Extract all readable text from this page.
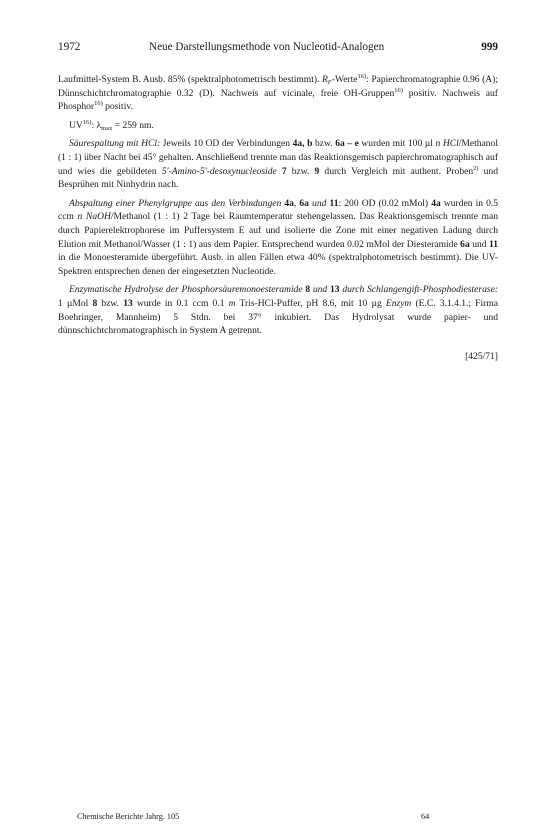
1972	Neue Darstellungsmethode von Nucleotid-Analogen	999

Laufmittel-System B. Ausb. 85% (spektralphotometrisch bestimmt). $R_F-Werte^{16)}$: Papierchromatographie 0.96 (A); Dünnschichtchromatographie 0.32 (D). Nachweis auf vicinale, freie OH-Gruppen$^{16)}$ positiv. Nachweis auf Phosphor$^{16)}$ positiv.

UV$^{16)}$: $\lambda_{max} = 259$ nm.

Säurespaltung mit HCl: Jeweils 10 OD der Verbindungen 4a, b bzw. 6a – e wurden mit 100 µl n HCl/Methanol (1 : 1) über Nacht bei 45° gehalten. Anschließend trennte man das Reaktionsgemisch papierchromatographisch auf und wies die gebildeten 5′-Amino-5′-desoxynucleoside 7 bzw. 9 durch Vergleich mit authent. Proben$^{2)}$ und Besprühen mit Ninhydrin nach.

Abspaltung einer Phenylgruppe aus den Verbindungen 4a, 6a und 11: 200 OD (0.02 mMol) 4a wurden in 0.5 ccm n NaOH/Methanol (1 : 1) 2 Tage bei Raumtemperatur stehengelassen. Das Reaktionsgemisch trennte man durch Papierelektrophorese im Puffersystem E auf und isolierte die Zone mit einer negativen Ladung durch Elution mit Methanol/Wasser (1 : 1) aus dem Papier. Entsprechend wurden 0.02 mMol der Diesteramide 6a und 11 in die Monoesteramide übergeführt. Ausb. in allen Fällen etwa 40% (spektralphotometrisch bestimmt). Die UV-Spektren entsprechen denen der eingesetzten Nucleotide.

Enzymatische Hydrolyse der Phosphorsäuremonoesteramide 8 und 13 durch Schlangengift-Phosphodiesterase: 1 µMol 8 bzw. 13 wurde in 0.1 ccm 0.1 m Tris-HCl-Puffer, pH 8.6, mit 10 µg Enzym (E.C. 3.1.4.1.; Firma Boehringer, Mannheim) 5 Stdn. bei 37° inkubiert. Das Hydrolysat wurde papier- und dünnschichtchromatographisch in System A getrennt.

[425/71]

Chemische Berichte Jahrg. 105	64
